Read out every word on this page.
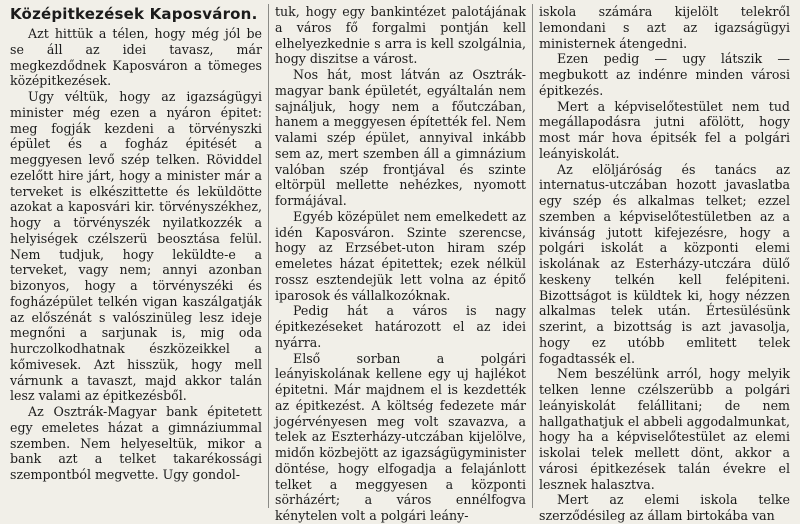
Középitkezések Kaposváron.

Azt hittük a télen, hogy még jól be se áll az idei tavasz, már megkezdődnek Kaposváron a tömeges középitkezések.

Ugy véltük, hogy az igazságügyi minister még ezen a nyáron épitet: meg fogják kezdeni a törvényszki épület és a fogház épitését a meggyesen levő szép telken. Röviddel ezelőtt hire járt, hogy a minister már a terveket is elkészittette és leküldötte azokat a kaposvári kir. törvényszékhez, hogy a törvényszék nyilatkozzék a helyiségek czélszerü beosztása felül. Nem tudjuk, hogy leküldte-e a terveket, vagy nem; annyi azonban bizonyos, hogy a törvényszéki és fogházépület telkén vigan kaszálgatják az előszénát s valószinüleg lesz ideje megnőni a sarjunak is, mig oda hurczolkodhatnak észközeikkel a kőmivesek. Azt hisszük, hogy mell várnunk a tavaszt, majd akkor talán lesz valami az épitkezésből.

Az Osztrák-Magyar bank épitetett egy emeletes házat a gimnáziummal szemben. Nem helyeseltük, mikor a bank azt a telket takarékossági szempontból megvette. Ugy gondol-

tuk, hogy egy bankintézet palotájának a város fő forgalmi pontján kell elhelyezkednie s arra is kell szolgálnia, hogy diszitse a várost.

Nos hát, most látván az Osztrák-magyar bank épületét, egyáltalán nem sajnáljuk, hogy nem a főutczában, hanem a meggyesen építették fel. Nem valami szép épület, annyival inkább sem az, mert szemben áll a gimnázium valóban szép frontjával és szinte eltörpül mellette nehézkes, nyomott formájával.

Egyéb középület nem emelkedett az idén Kaposváron. Szinte szerencse, hogy az Erzsébet-uton hiram szép emeletes házat épitettek; ezek nélkül rossz esztendejük lett volna az épitő iparosok és vállalkozóknak.

Pedig hát a város is nagy épitkezéseket határozott el az idei nyárra.

Első sorban a polgári leányiskolának kellene egy uj hajlékot épitetni. Már majdnem el is kezdették az épitkezést. A költség fedezete már jogérvényesen meg volt szavazva, a telek az Eszterházy-utczában kijelölve, midőn közbejött az igazságügyminister döntése, hogy elfogadja a felajánlott telket a meggyesen a központi sörházért; a város ennélfogva kénytelen volt a polgári leány-

iskola számára kijelölt telekről lemondani s azt az igazságügyi ministernek átengedni.

Ezen pedig — ugy látszik — megbukott az indénre minden városi épitkezés.

Mert a képviselőtestület nem tud megállapodásra jutni afölött, hogy most már hova épitsék fel a polgári leányiskolát.

Az elöljáróság és tanács az internatus-utczában hozott javaslatba egy szép és alkalmas telket; ezzel szemben a képviselőtestületben az a kivánság jutott kifejezésre, hogy a polgári iskolát a központi elemi iskolának az Esterházy-utczára dülő keskeny telkén kell felépiteni. Bizottságot is küldtek ki, hogy nézzen alkalmas telek után. Értesülésünk szerint, a bizottság is azt javasolja, hogy ez utóbb emlitett telek fogadtassék el.

Nem beszélünk arról, hogy melyik telken lenne czélszerübb a polgári leányiskolát felállitani; de nem hallgathatjuk el abbeli aggodalmunkat, hogy ha a képviselőtestület az elemi iskolai telek mellett dönt, akkor a városi épitkezések talán évekre el lesznek halasztva.

Mert az elemi iskola telke szerződésileg az állam birtokába van
